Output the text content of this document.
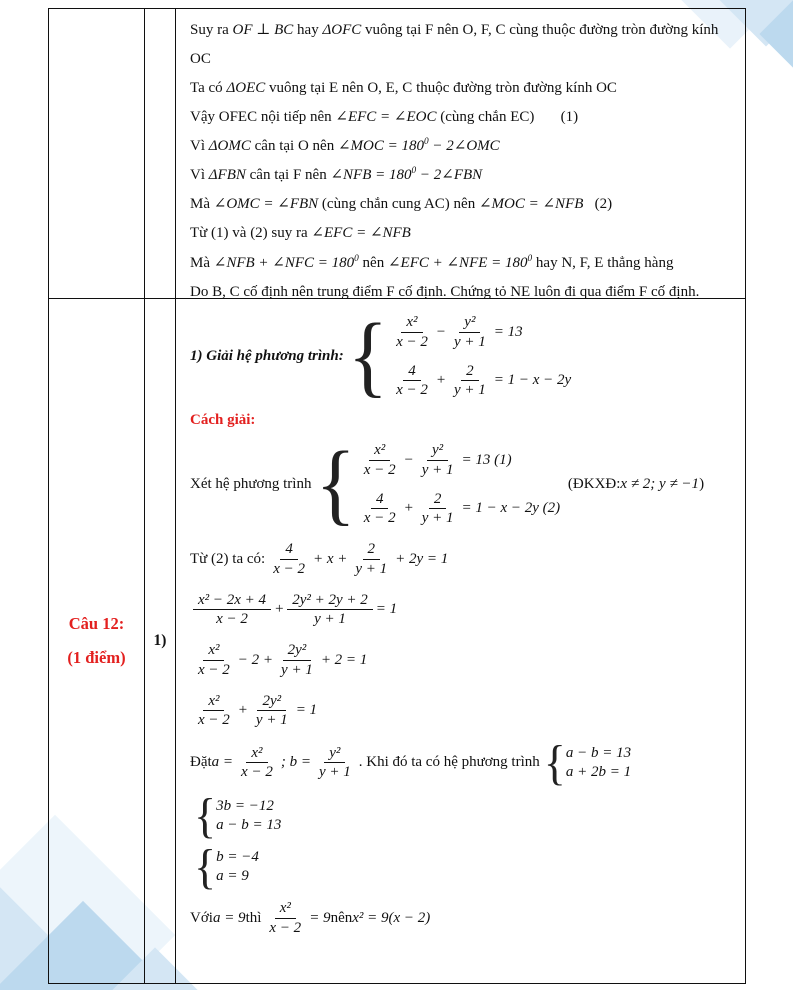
Suy ra OF ⊥ BC hay ΔOFC vuông tại F nên O, F, C cùng thuộc đường tròn đường kính OC
Ta có ΔOEC vuông tại E nên O, E, C thuộc đường tròn đường kính OC
Vậy OFEC nội tiếp nên ∠EFC = ∠EOC (cùng chắn EC)       (1)
Vì ΔOMC cân tại O nên ∠MOC = $180^0$ − 2∠OMC
Vì ΔFBN cân tại F nên ∠NFB = $180^0$ − 2∠FBN
Mà ∠OMC = ∠FBN (cùng chắn cung AC) nên ∠MOC = ∠NFB   (2)
Từ (1) và (2) suy ra ∠EFC = ∠NFB
Mà ∠NFB + ∠NFC = $180^0$ nên ∠EFC + ∠NFE = $180^0$ hay N, F, E thẳng hàng
Do B, C cố định nên trung điểm F cố định. Chứng tỏ NE luôn đi qua điểm F cố định.
Câu 12:
(1 điểm)
1)
1) Giải hệ phương trình: { $\frac{\text{x²}}{x - 2} - \frac{\text{y²}}{y + 1} = 13$
$\frac{4}{x - 2} + \frac{2}{y + 1} = 1 - x - 2y$
Cách giải:
Xét hệ phương trình { $\frac{\text{x²}}{x - 2} - \frac{\text{y²}}{y + 1} = 13$ (1)
$\frac{4}{x - 2} + \frac{2}{y + 1} = 1 - x - 2y$ (2)
(ĐKXĐ: x ≠ 2; y ≠ −1 )
Từ (2) ta có: $\frac{4}{x - 2} + x + \frac{2}{y + 1} + 2y = 1$
$\frac{\text{x² − 2x + 4}}{x - 2} + \frac{\text{2y² + 2y + 2}}{y + 1} = 1$
$\frac{\text{x²}}{x - 2} - 2 + \frac{\text{2y²}}{y + 1} + 2 = 1$
$\frac{\text{x²}}{x - 2} + \frac{\text{2y²}}{y + 1} = 1$
Đặt $a = \frac{\text{x²}}{x - 2}$ ; $b = \frac{\text{y²}}{y + 1}$ . Khi đó ta có hệ phương trình { a − b = 13
a + 2b = 1
{ 3b = −12
a − b = 13
{ b = −4
a = 9
Với a = 9 thì $\frac{\text{x²}}{x - 2} = 9$ nên x² = 9(x − 2)
